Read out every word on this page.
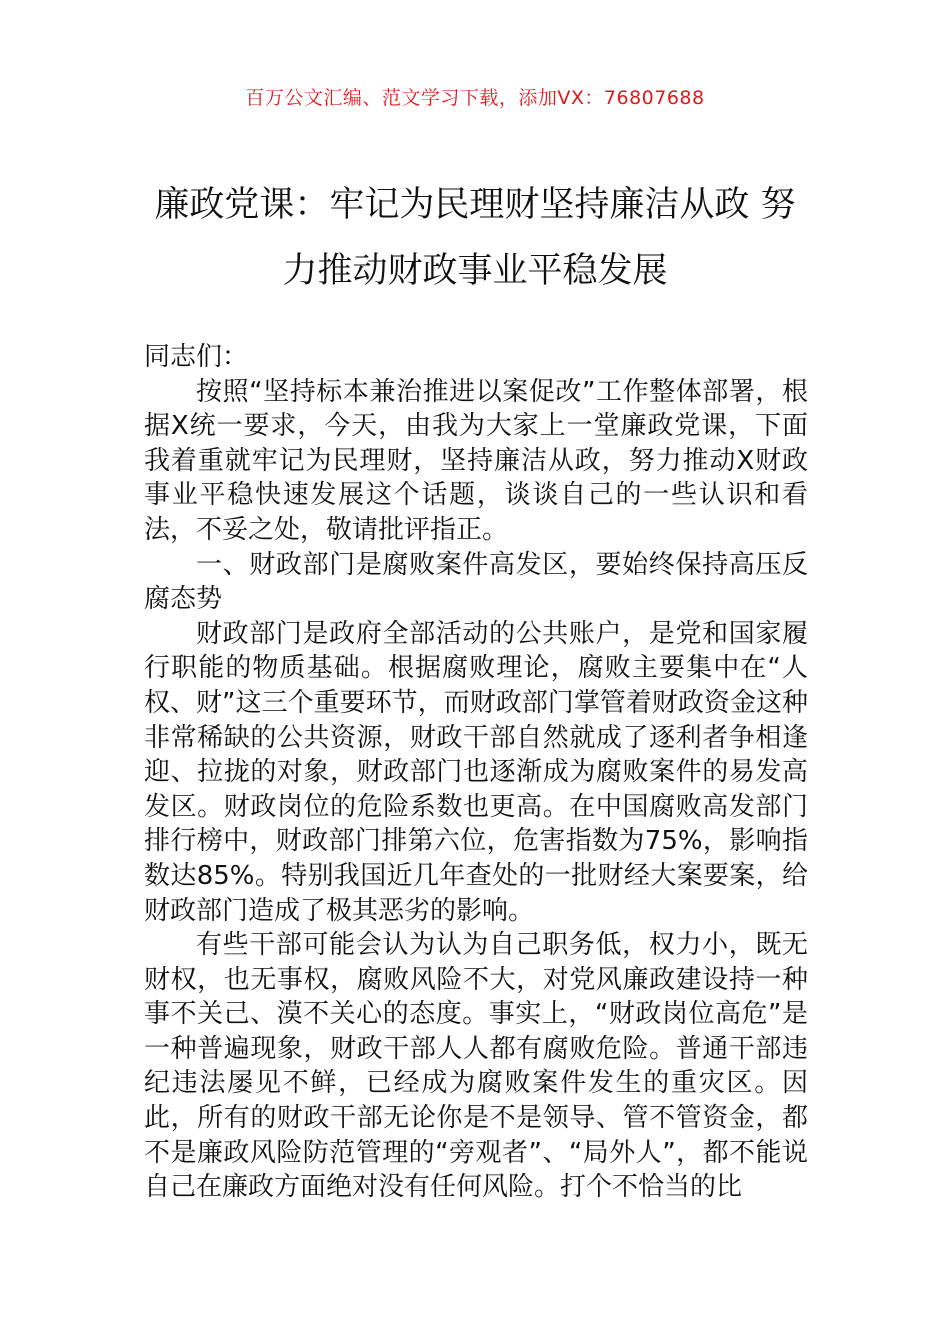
百万公文汇编、范文学习下载，添加VX：76807688
廉政党课：牢记为民理财坚持廉洁从政 努
力推动财政事业平稳发展

同志们：

按照“坚持标本兼治推进以案促改”工作整体部署，根据X统一要求，今天，由我为大家上一堂廉政党课，下面我着重就牢记为民理财，坚持廉洁从政，努力推动X财政事业平稳快速发展这个话题，谈谈自己的一些认识和看法，不妥之处，敬请批评指正。

一、财政部门是腐败案件高发区，要始终保持高压反腐态势

财政部门是政府全部活动的公共账户，是党和国家履行职能的物质基础。根据腐败理论，腐败主要集中在“人权、财”这三个重要环节，而财政部门掌管着财政资金这种非常稀缺的公共资源，财政干部自然就成了逐利者争相逢迎、拉拢的对象，财政部门也逐渐成为腐败案件的易发高发区。财政岗位的危险系数也更高。在中国腐败高发部门排行榜中，财政部门排第六位，危害指数为75%，影响指数达85%。特别我国近几年查处的一批财经大案要案，给财政部门造成了极其恶劣的影响。

有些干部可能会认为认为自己职务低，权力小，既无财权，也无事权，腐败风险不大，对党风廉政建设持一种事不关己、漠不关心的态度。事实上，“财政岗位高危”是一种普遍现象，财政干部人人都有腐败危险。普通干部违纪违法屡见不鲜，已经成为腐败案件发生的重灾区。因此，所有的财政干部无论你是不是领导、管不管资金，都不是廉政风险防范管理的“旁观者”、“局外人”，都不能说自己在廉政方面绝对没有任何风险。打个不恰当的比
